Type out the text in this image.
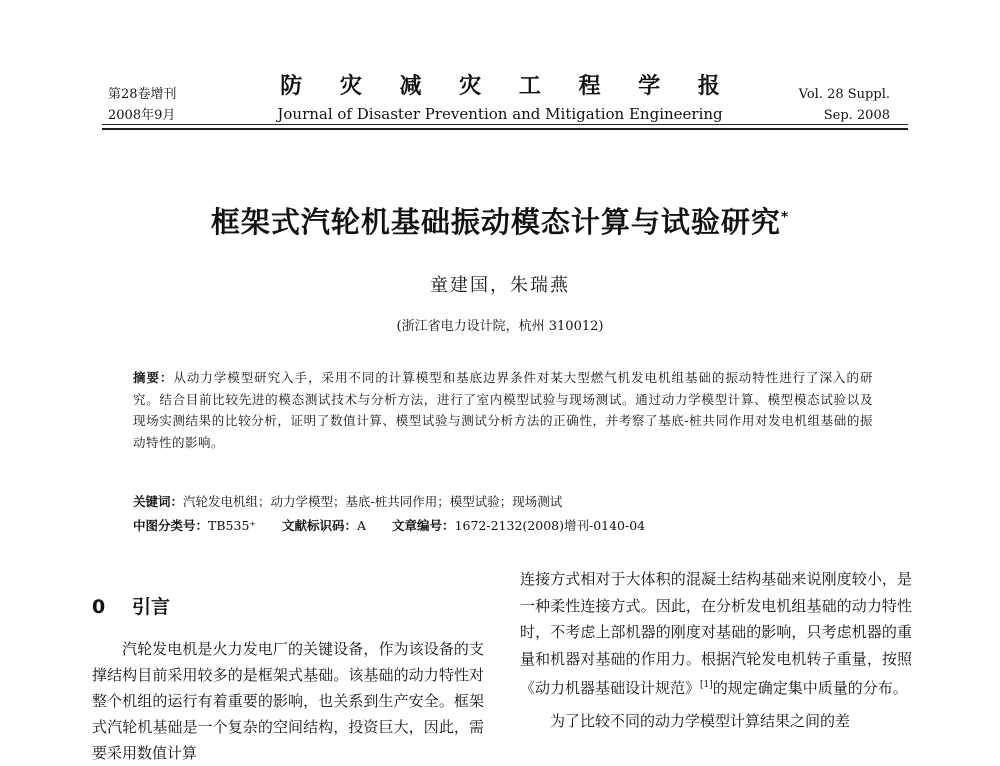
第28卷增刊
2008年9月
防 灾 减 灾 工 程 学 报
Journal of Disaster Prevention and Mitigation Engineering
Vol. 28 Suppl.
Sep. 2008
框架式汽轮机基础振动模态计算与试验研究*
童建国，朱瑞燕
(浙江省电力设计院，杭州 310012)
摘要：从动力学模型研究入手，采用不同的计算模型和基底边界条件对某大型燃气机发电机组基础的振动特性进行了深入的研究。结合目前比较先进的模态测试技术与分析方法，进行了室内模型试验与现场测试。通过动力学模型计算、模型模态试验以及现场实测结果的比较分析，证明了数值计算、模型试验与测试分析方法的正确性，并考察了基底-桩共同作用对发电机组基础的振动特性的影响。
关键词：汽轮发电机组；动力学模型；基底-桩共同作用；模型试验；现场测试
中图分类号：TB535⁺ 文献标识码：A 文章编号：1672-2132(2008)增刊-0140-04
0 引言

汽轮发电机是火力发电厂的关键设备，作为该设备的支撑结构目前采用较多的是框架式基础。该基础的动力特性对整个机组的运行有着重要的影响，也关系到生产安全。框架式汽轮机基础是一个复杂的空间结构，投资巨大，因此，需要采用数值计算

连接方式相对于大体积的混凝土结构基础来说刚度较小，是一种柔性连接方式。因此，在分析发电机组基础的动力特性时，不考虑上部机器的刚度对基础的影响，只考虑机器的重量和机器对基础的作用力。根据汽轮发电机转子重量，按照《动力机器基础设计规范》[1]的规定确定集中质量的分布。

为了比较不同的动力学模型计算结果之间的差
